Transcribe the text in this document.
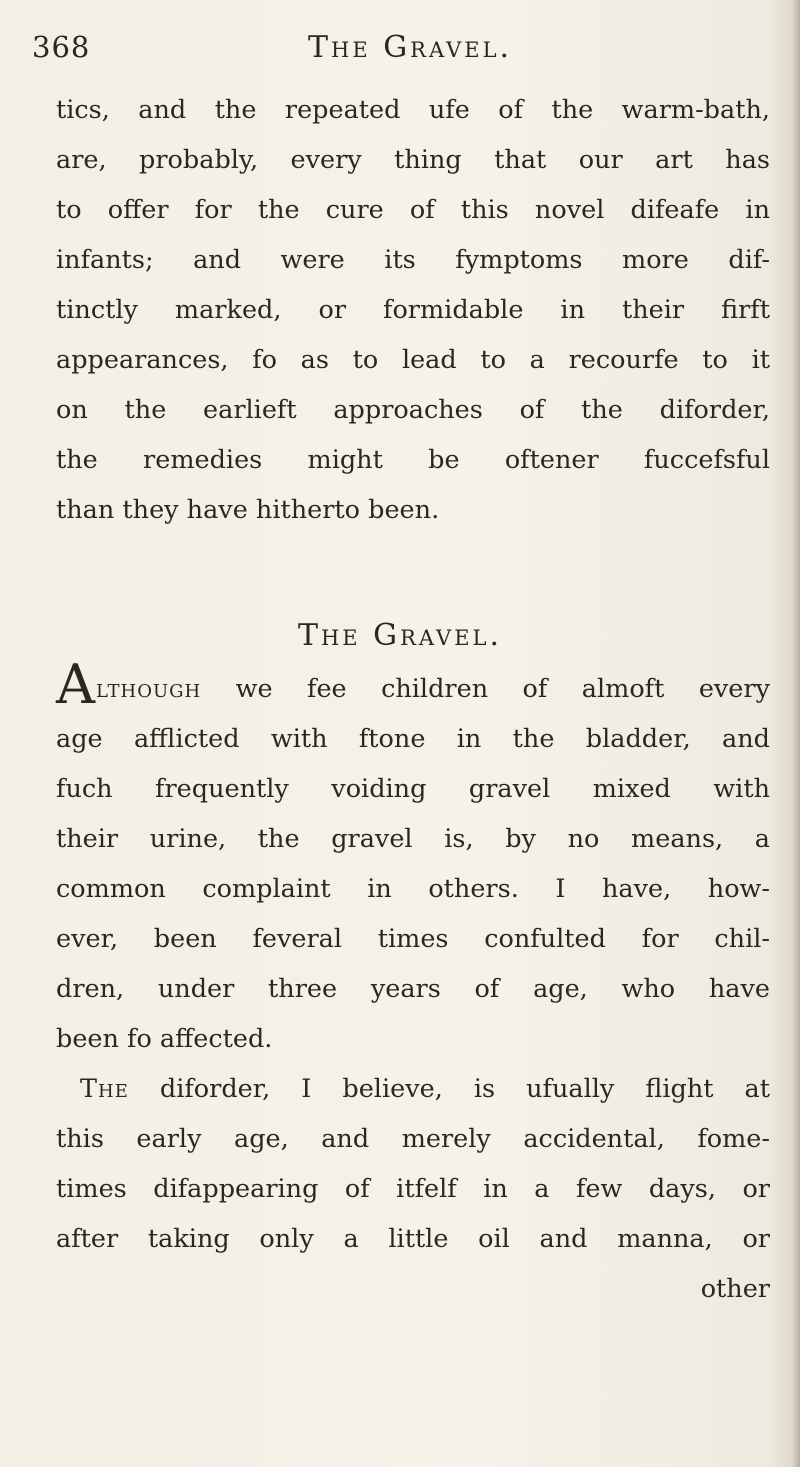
368	The Gravel.
tics, and the repeated ufe of the warm-bath,
are, probably, every thing that our art has
to offer for the cure of this novel difeafe in
infants; and were its fymptoms more dif-
tinctly marked, or formidable in their firft
appearances, fo as to lead to a recourfe to it
on the earlieft approaches of the diforder,
the remedies might be oftener fuccefsful
than they have hitherto been.
The Gravel.
Although we fee children of almoft every
age afflicted with ftone in the bladder, and
fuch frequently voiding gravel mixed with
their urine, the gravel is, by no means, a
common complaint in others. I have, how-
ever, been feveral times confulted for chil-
dren, under three years of age, who have
been fo affected.
The diforder, I believe, is ufually flight at
this early age, and merely accidental, fome-
times difappearing of itfelf in a few days, or
after taking only a little oil and manna, or
other
